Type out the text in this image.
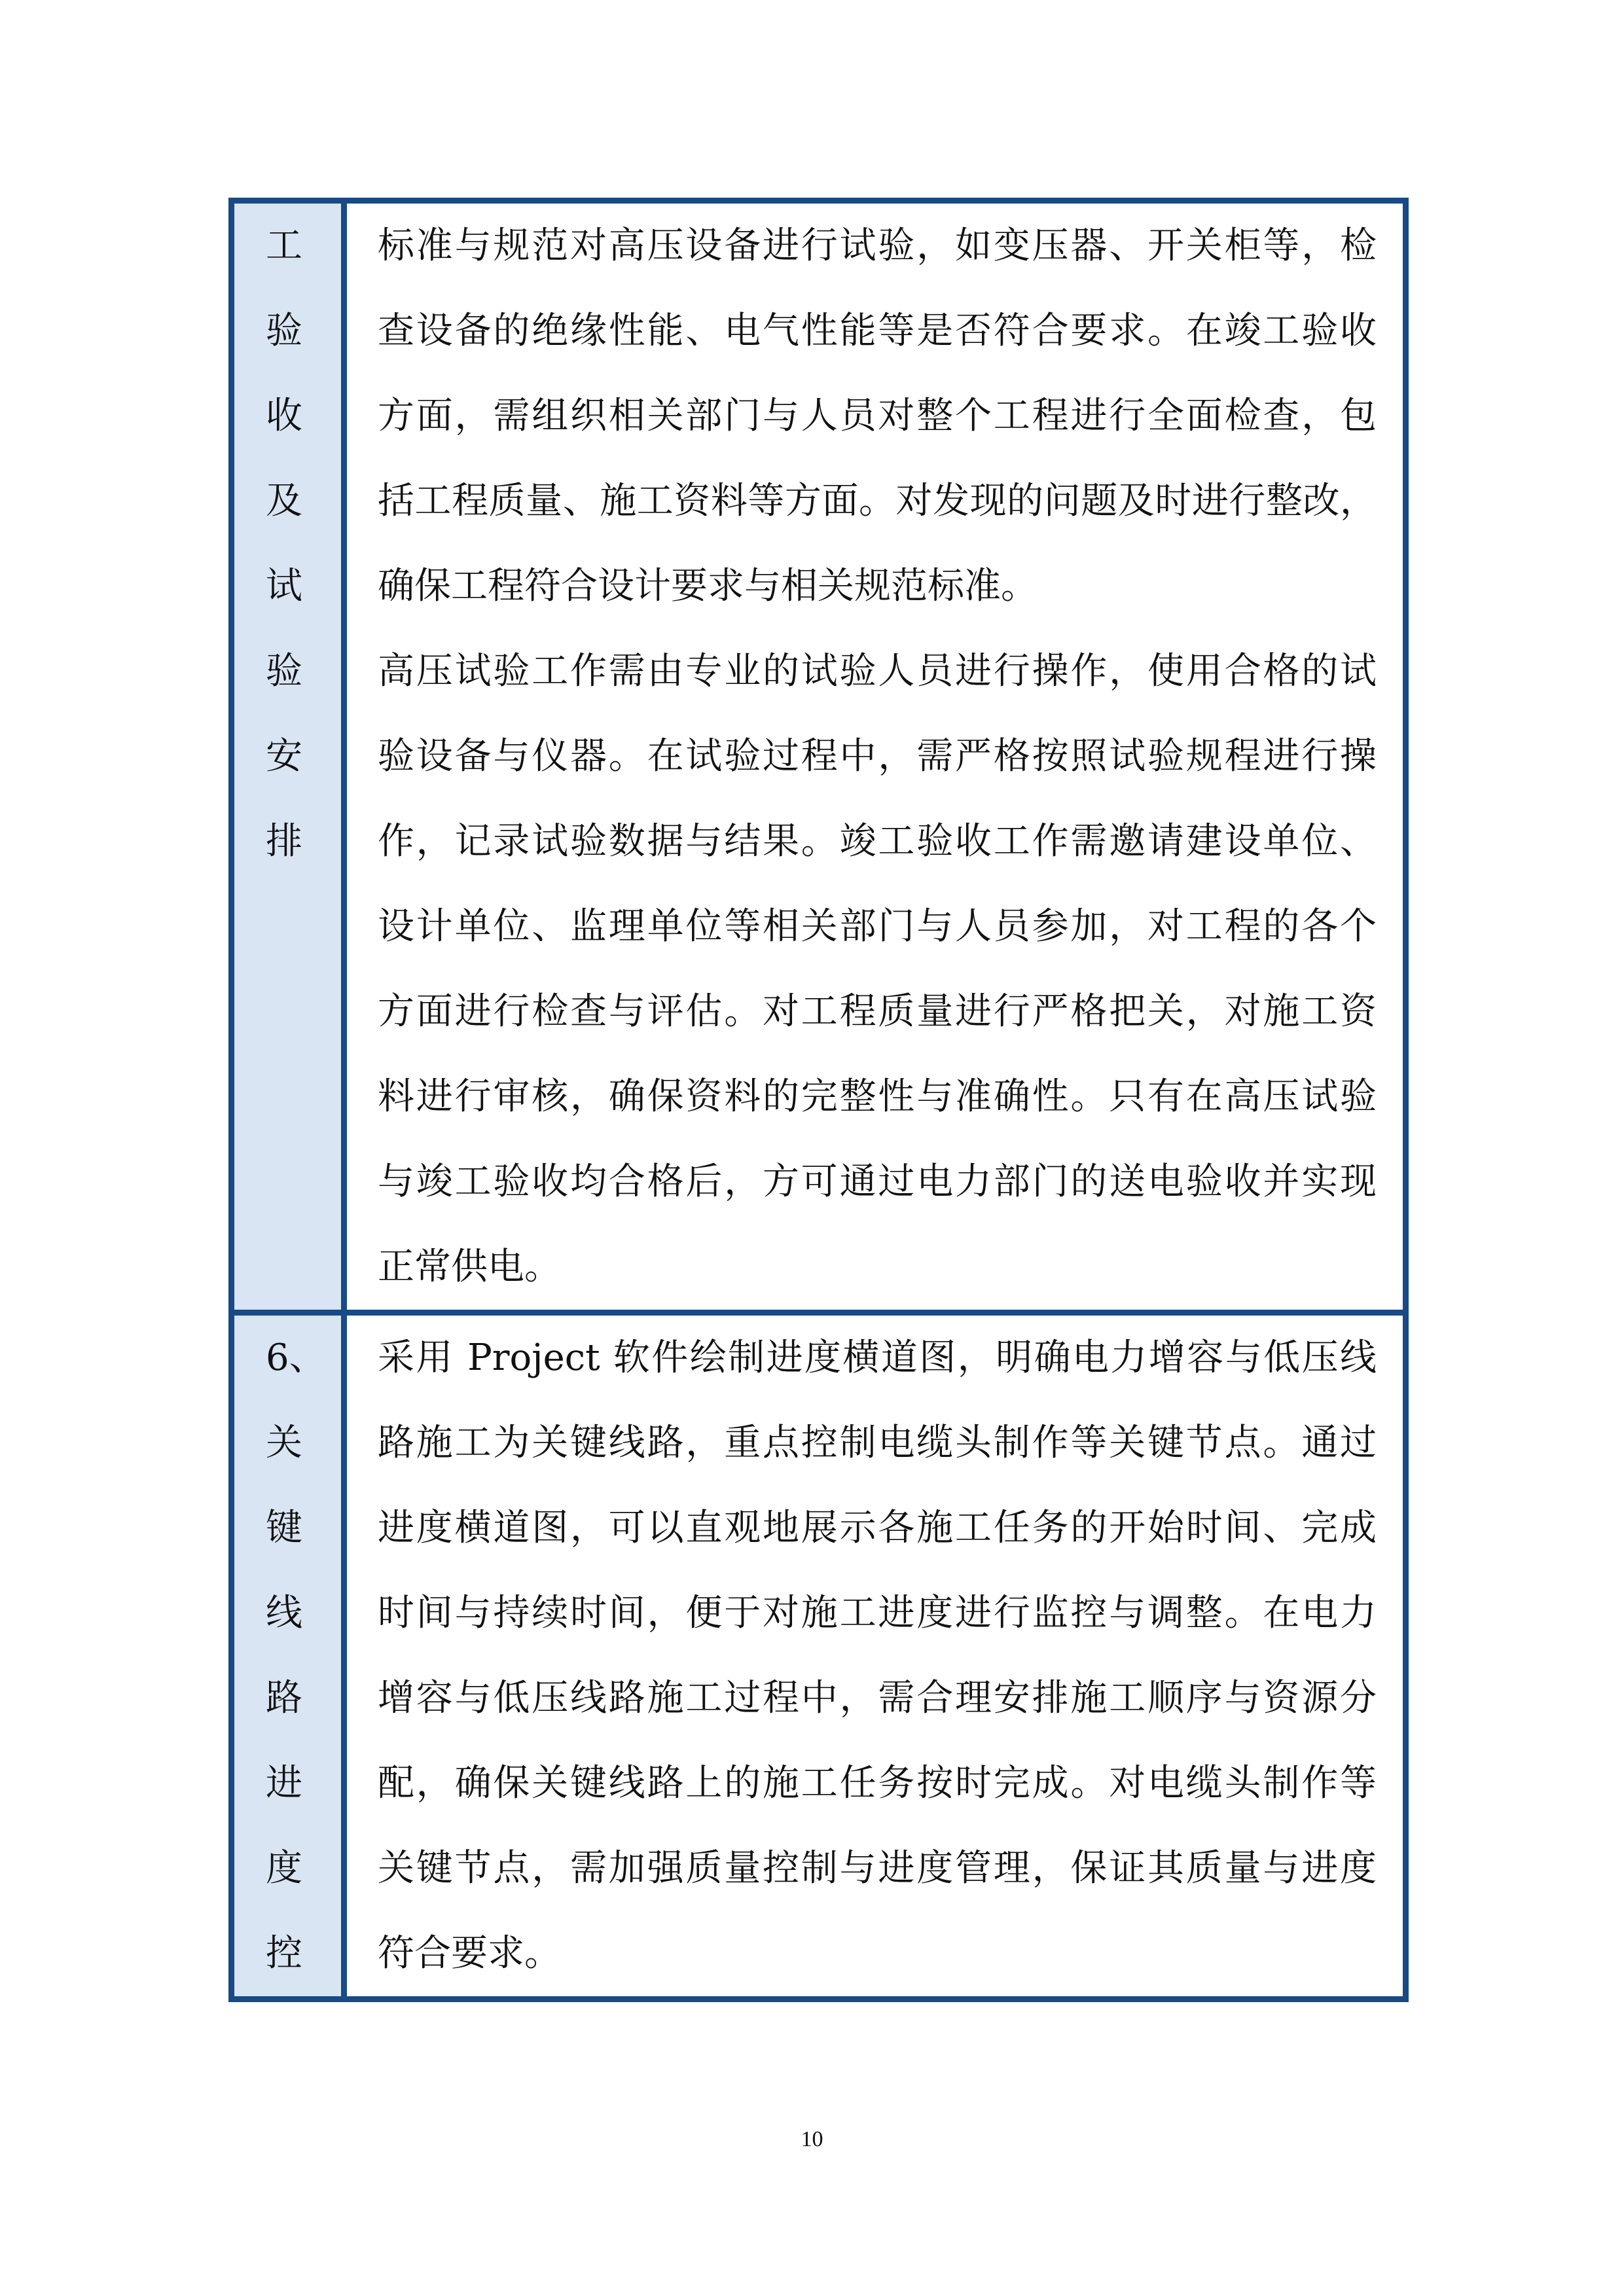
工
验
收
及
试
验
安
排
标准与规范对高压设备进行试验，如变压器、开关柜等，检
查设备的绝缘性能、电气性能等是否符合要求。在竣工验收
方面，需组织相关部门与人员对整个工程进行全面检查，包
括工程质量、施工资料等方面。对发现的问题及时进行整改，
确保工程符合设计要求与相关规范标准。
高压试验工作需由专业的试验人员进行操作，使用合格的试
验设备与仪器。在试验过程中，需严格按照试验规程进行操
作，记录试验数据与结果。竣工验收工作需邀请建设单位、
设计单位、监理单位等相关部门与人员参加，对工程的各个
方面进行检查与评估。对工程质量进行严格把关，对施工资
料进行审核，确保资料的完整性与准确性。只有在高压试验
与竣工验收均合格后，方可通过电力部门的送电验收并实现
正常供电。
6、
关
键
线
路
进
度
控
采用 Project 软件绘制进度横道图，明确电力增容与低压线
路施工为关键线路，重点控制电缆头制作等关键节点。通过
进度横道图，可以直观地展示各施工任务的开始时间、完成
时间与持续时间，便于对施工进度进行监控与调整。在电力
增容与低压线路施工过程中，需合理安排施工顺序与资源分
配，确保关键线路上的施工任务按时完成。对电缆头制作等
关键节点，需加强质量控制与进度管理，保证其质量与进度
符合要求。
10
